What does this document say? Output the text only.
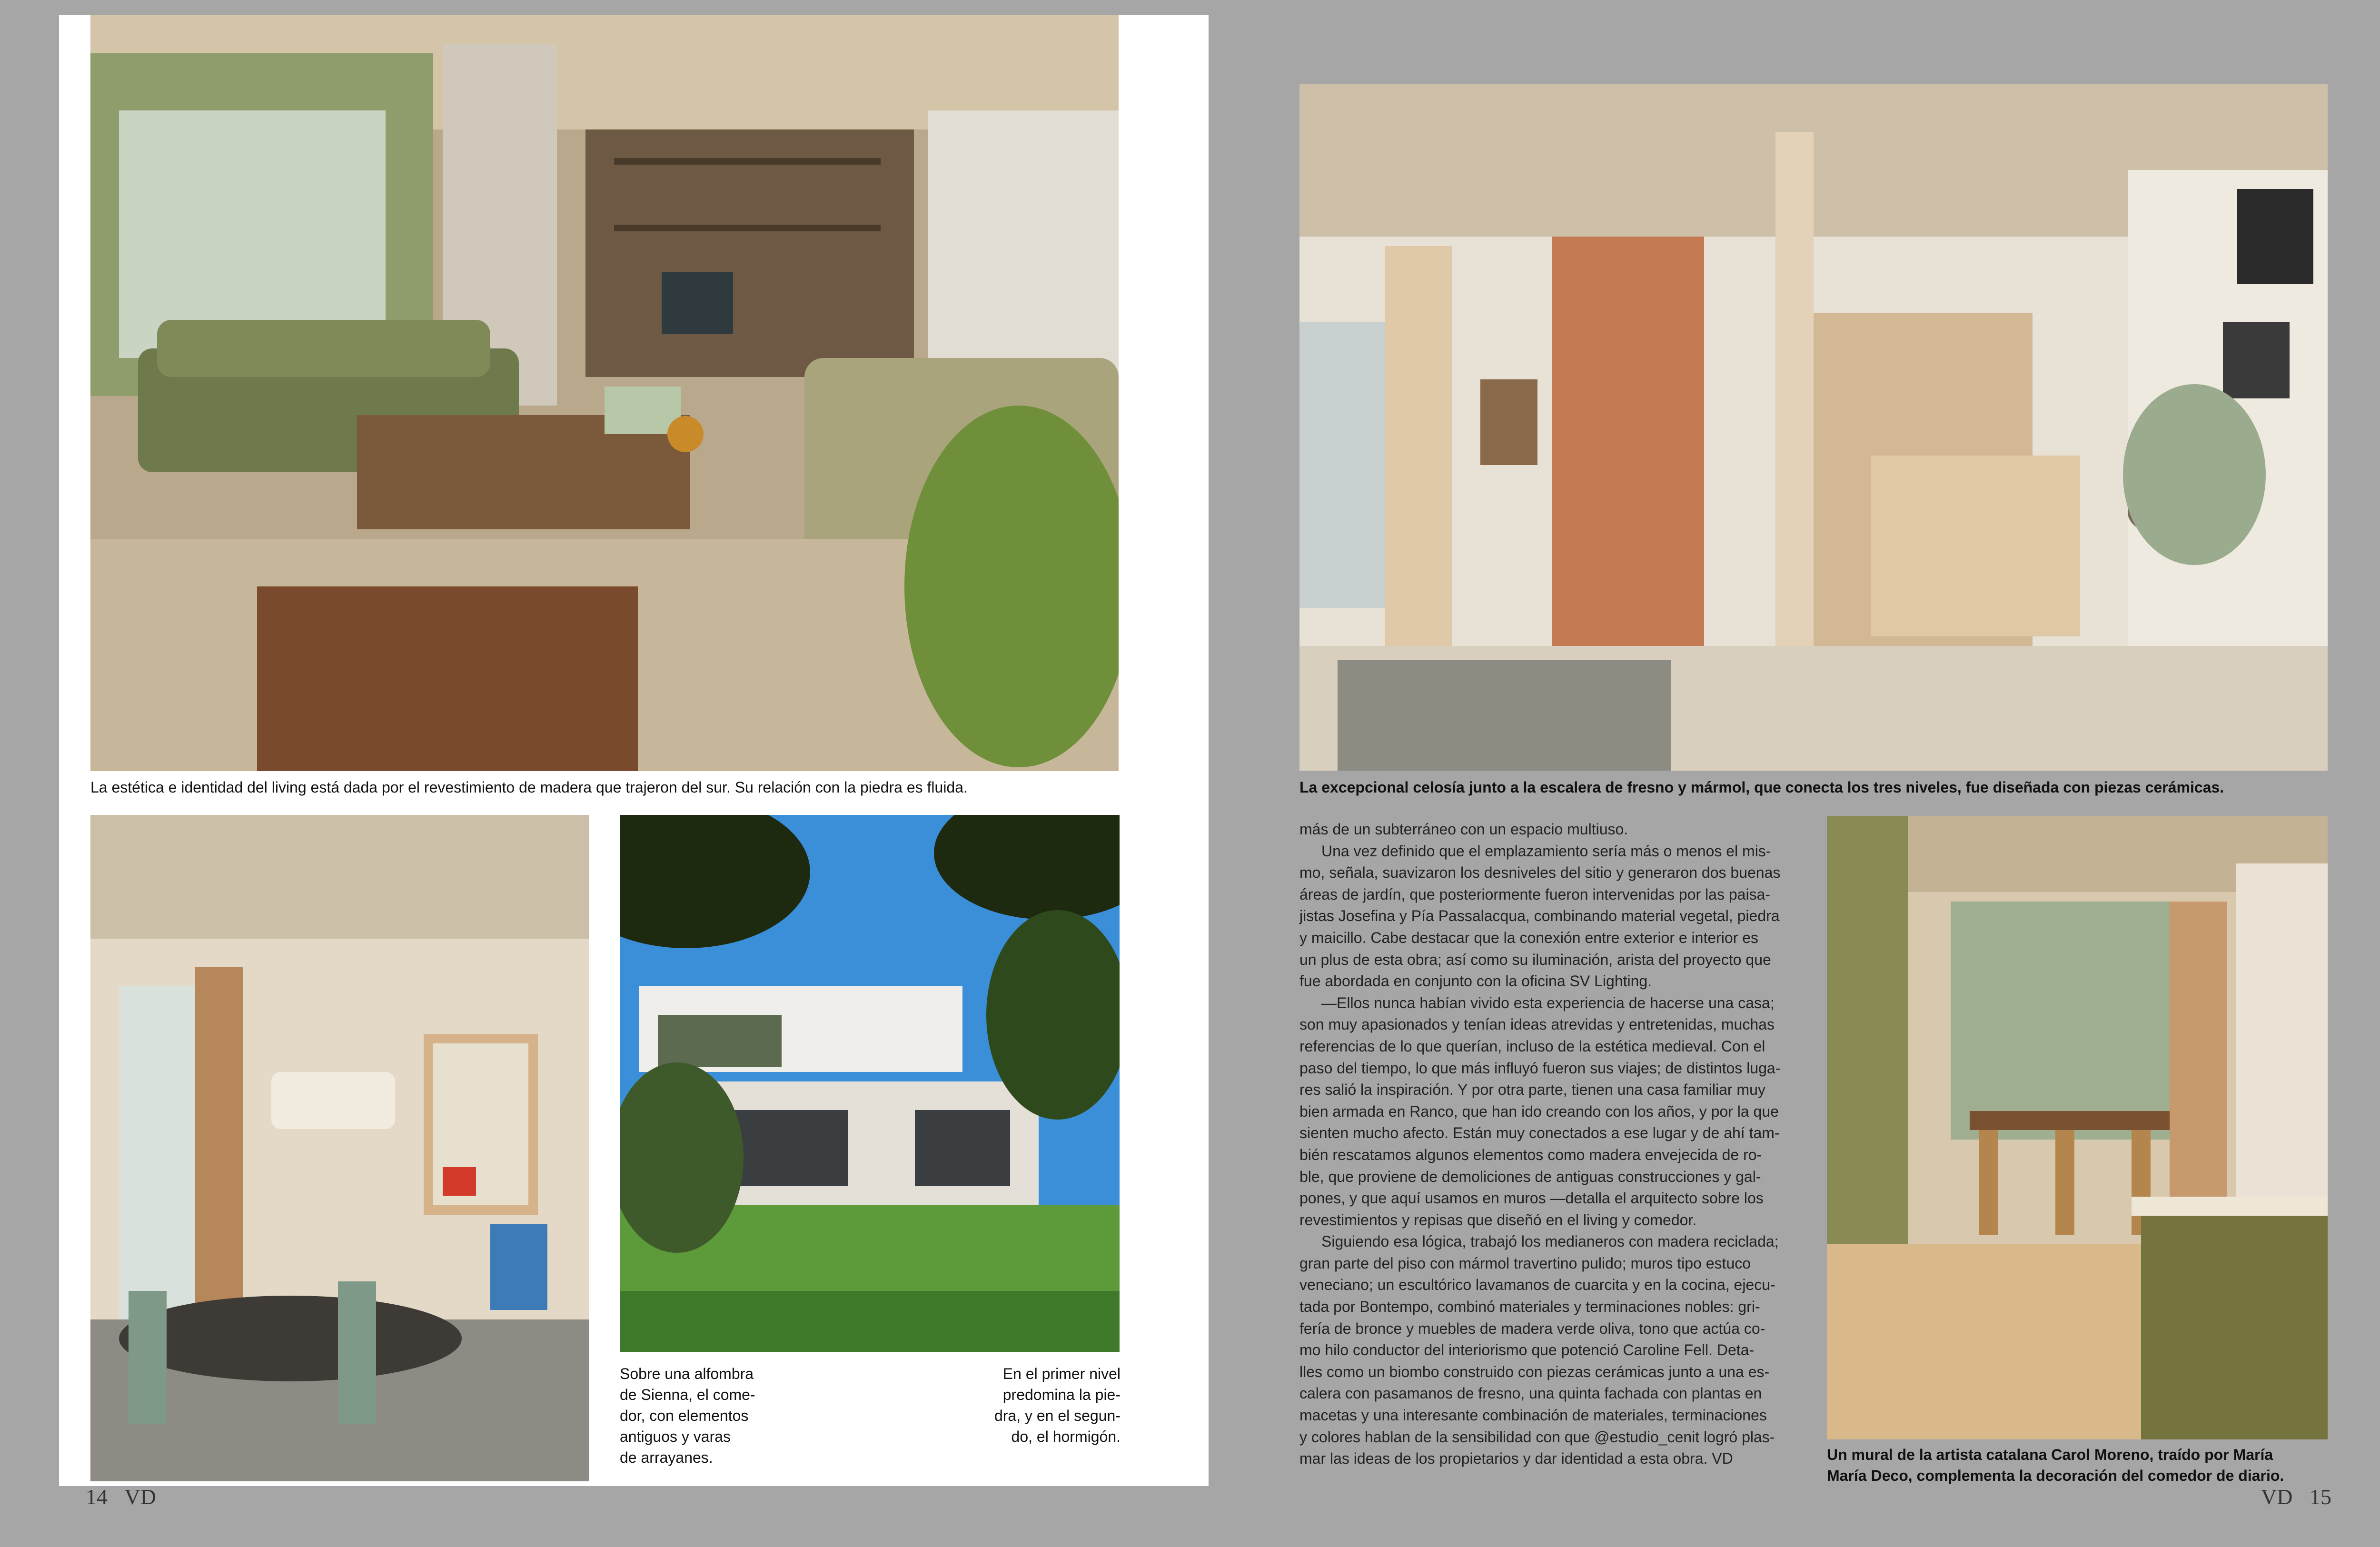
La estética e identidad del living está dada por el revestimiento de madera que trajeron del sur. Su relación con la piedra es fluida.
Sobre una alfombra
de Sienna, el come-
dor, con elementos
antiguos y varas
de arrayanes.
En el primer nivel
predomina la pie-
dra, y en el segun-
do, el hormigón.
14 VD
La excepcional celosía junto a la escalera de fresno y mármol, que conecta los tres niveles, fue diseñada con piezas cerámicas.

más de un subterráneo con un espacio multiuso.

Una vez definido que el emplazamiento sería más o menos el mis-

mo, señala, suavizaron los desniveles del sitio y generaron dos buenas

áreas de jardín, que posteriormente fueron intervenidas por las paisa-

jistas Josefina y Pía Passalacqua, combinando material vegetal, piedra

y maicillo. Cabe destacar que la conexión entre exterior e interior es

un plus de esta obra; así como su iluminación, arista del proyecto que

fue abordada en conjunto con la oficina SV Lighting.

—Ellos nunca habían vivido esta experiencia de hacerse una casa;

son muy apasionados y tenían ideas atrevidas y entretenidas, muchas

referencias de lo que querían, incluso de la estética medieval. Con el

paso del tiempo, lo que más influyó fueron sus viajes; de distintos luga-

res salió la inspiración. Y por otra parte, tienen una casa familiar muy

bien armada en Ranco, que han ido creando con los años, y por la que

sienten mucho afecto. Están muy conectados a ese lugar y de ahí tam-

bién rescatamos algunos elementos como madera envejecida de ro-

ble, que proviene de demoliciones de antiguas construcciones y gal-

pones, y que aquí usamos en muros —detalla el arquitecto sobre los

revestimientos y repisas que diseñó en el living y comedor.

Siguiendo esa lógica, trabajó los medianeros con madera reciclada;

gran parte del piso con mármol travertino pulido; muros tipo estuco

veneciano; un escultórico lavamanos de cuarcita y en la cocina, ejecu-

tada por Bontempo, combinó materiales y terminaciones nobles: gri-

fería de bronce y muebles de madera verde oliva, tono que actúa co-

mo hilo conductor del interiorismo que potenció Caroline Fell. Deta-

lles como un biombo construido con piezas cerámicas junto a una es-

calera con pasamanos de fresno, una quinta fachada con plantas en

macetas y una interesante combinación de materiales, terminaciones

y colores hablan de la sensibilidad con que @estudio_cenit logró plas-

mar las ideas de los propietarios y dar identidad a esta obra. VD	Un mural de la artista catalana Carol Moreno, traído por María
María Deco, complementa la decoración del comedor de diario.
VD 15
